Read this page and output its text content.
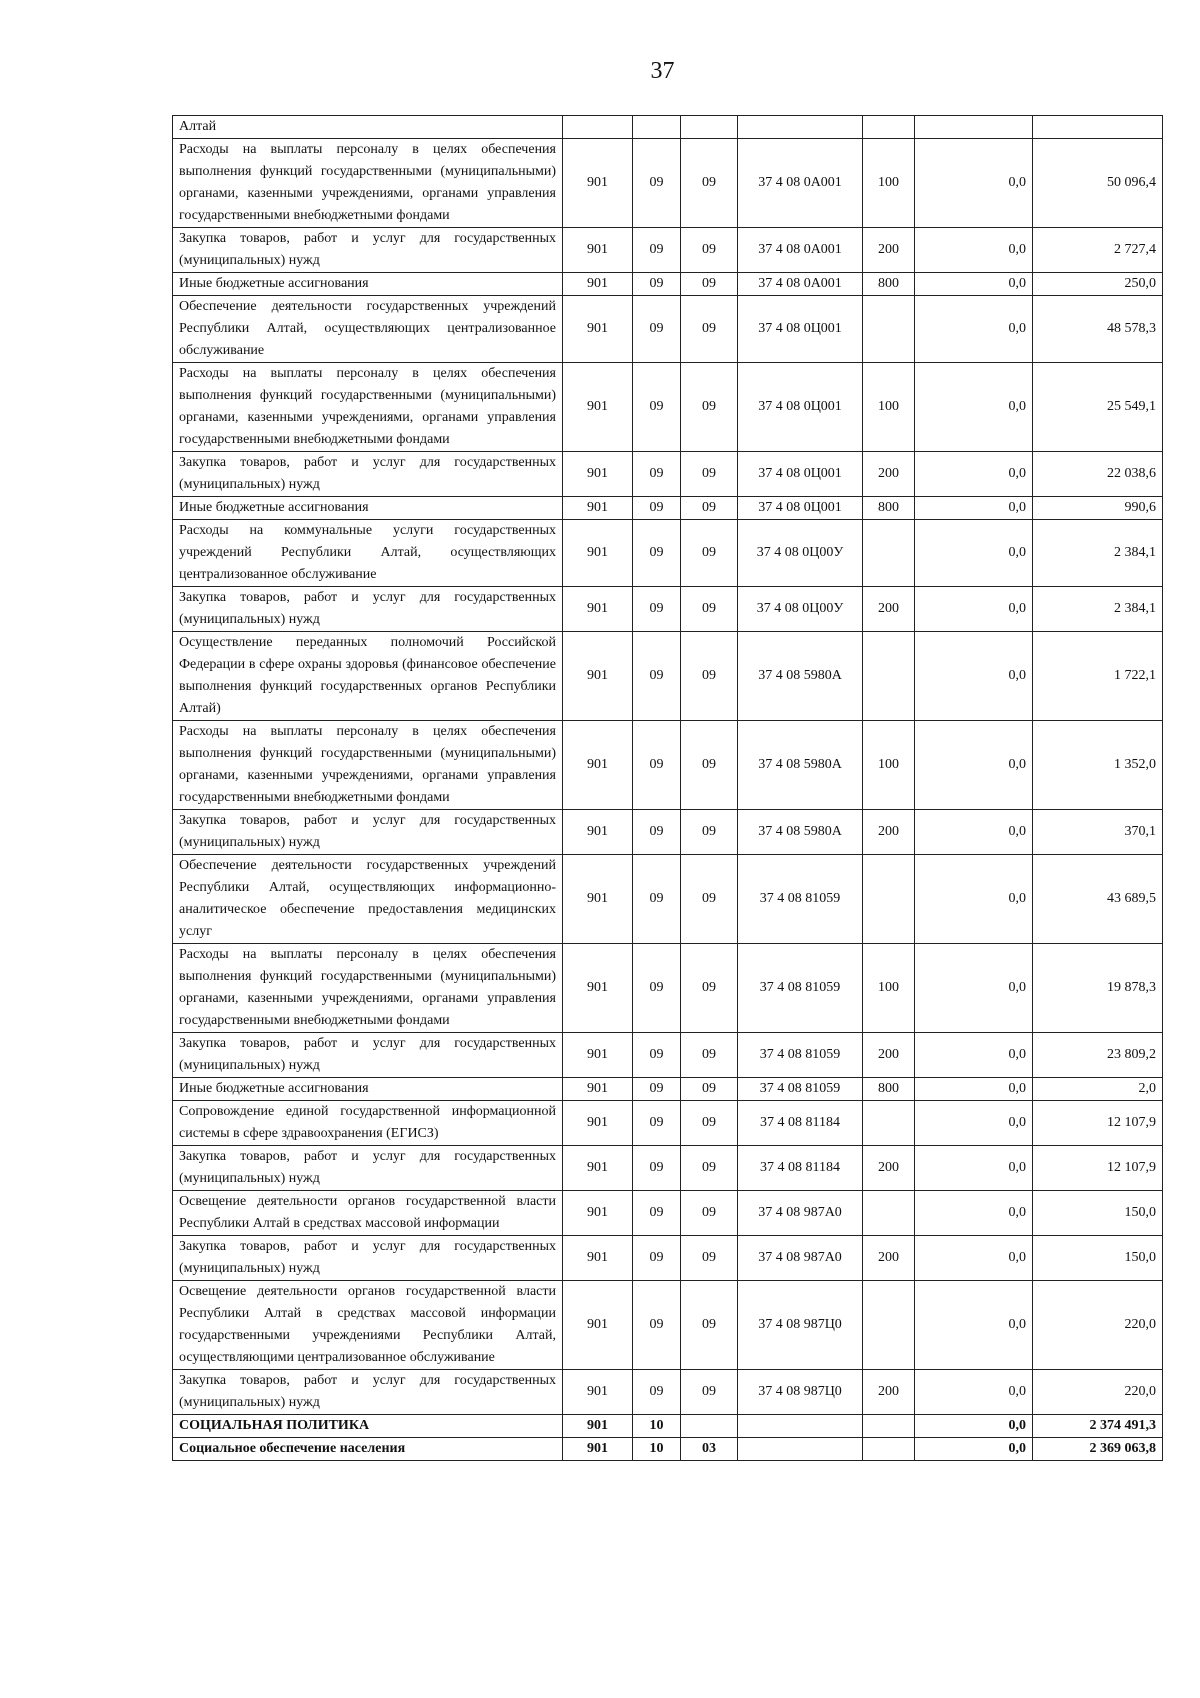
37
Алтай							
Расходы на выплаты персоналу в целях обеспечения выполнения функций государственными (муниципальными) органами, казенными учреждениями, органами управления государственными внебюджетными фондами	901	09	09	37 4 08 0А001	100	0,0	50 096,4
Закупка товаров, работ и услуг для государственных (муниципальных) нужд	901	09	09	37 4 08 0А001	200	0,0	2 727,4
Иные бюджетные ассигнования	901	09	09	37 4 08 0А001	800	0,0	250,0
Обеспечение деятельности государственных учреждений Республики Алтай, осуществляющих централизованное обслуживание	901	09	09	37 4 08 0Ц001		0,0	48 578,3
Расходы на выплаты персоналу в целях обеспечения выполнения функций государственными (муниципальными) органами, казенными учреждениями, органами управления государственными внебюджетными фондами	901	09	09	37 4 08 0Ц001	100	0,0	25 549,1
Закупка товаров, работ и услуг для государственных (муниципальных) нужд	901	09	09	37 4 08 0Ц001	200	0,0	22 038,6
Иные бюджетные ассигнования	901	09	09	37 4 08 0Ц001	800	0,0	990,6
Расходы на коммунальные услуги государственных учреждений Республики Алтай, осуществляющих централизованное обслуживание	901	09	09	37 4 08 0Ц00У		0,0	2 384,1
Закупка товаров, работ и услуг для государственных (муниципальных) нужд	901	09	09	37 4 08 0Ц00У	200	0,0	2 384,1
Осуществление переданных полномочий Российской Федерации в сфере охраны здоровья (финансовое обеспечение выполнения функций государственных органов Республики Алтай)	901	09	09	37 4 08 5980А		0,0	1 722,1
Расходы на выплаты персоналу в целях обеспечения выполнения функций государственными (муниципальными) органами, казенными учреждениями, органами управления государственными внебюджетными фондами	901	09	09	37 4 08 5980А	100	0,0	1 352,0
Закупка товаров, работ и услуг для государственных (муниципальных) нужд	901	09	09	37 4 08 5980А	200	0,0	370,1
Обеспечение деятельности государственных учреждений Республики Алтай, осуществляющих информационно-аналитическое обеспечение предоставления медицинских услуг	901	09	09	37 4 08 81059		0,0	43 689,5
Расходы на выплаты персоналу в целях обеспечения выполнения функций государственными (муниципальными) органами, казенными учреждениями, органами управления государственными внебюджетными фондами	901	09	09	37 4 08 81059	100	0,0	19 878,3
Закупка товаров, работ и услуг для государственных (муниципальных) нужд	901	09	09	37 4 08 81059	200	0,0	23 809,2
Иные бюджетные ассигнования	901	09	09	37 4 08 81059	800	0,0	2,0
Сопровождение единой государственной информационной системы в сфере здравоохранения (ЕГИСЗ)	901	09	09	37 4 08 81184		0,0	12 107,9
Закупка товаров, работ и услуг для государственных (муниципальных) нужд	901	09	09	37 4 08 81184	200	0,0	12 107,9
Освещение деятельности органов государственной власти Республики Алтай в средствах массовой информации	901	09	09	37 4 08 987А0		0,0	150,0
Закупка товаров, работ и услуг для государственных (муниципальных) нужд	901	09	09	37 4 08 987А0	200	0,0	150,0
Освещение деятельности органов государственной власти Республики Алтай в средствах массовой информации государственными учреждениями Республики Алтай, осуществляющими централизованное обслуживание	901	09	09	37 4 08 987Ц0		0,0	220,0
Закупка товаров, работ и услуг для государственных (муниципальных) нужд	901	09	09	37 4 08 987Ц0	200	0,0	220,0
СОЦИАЛЬНАЯ ПОЛИТИКА	901	10				0,0	2 374 491,3
Социальное обеспечение населения	901	10	03			0,0	2 369 063,8
